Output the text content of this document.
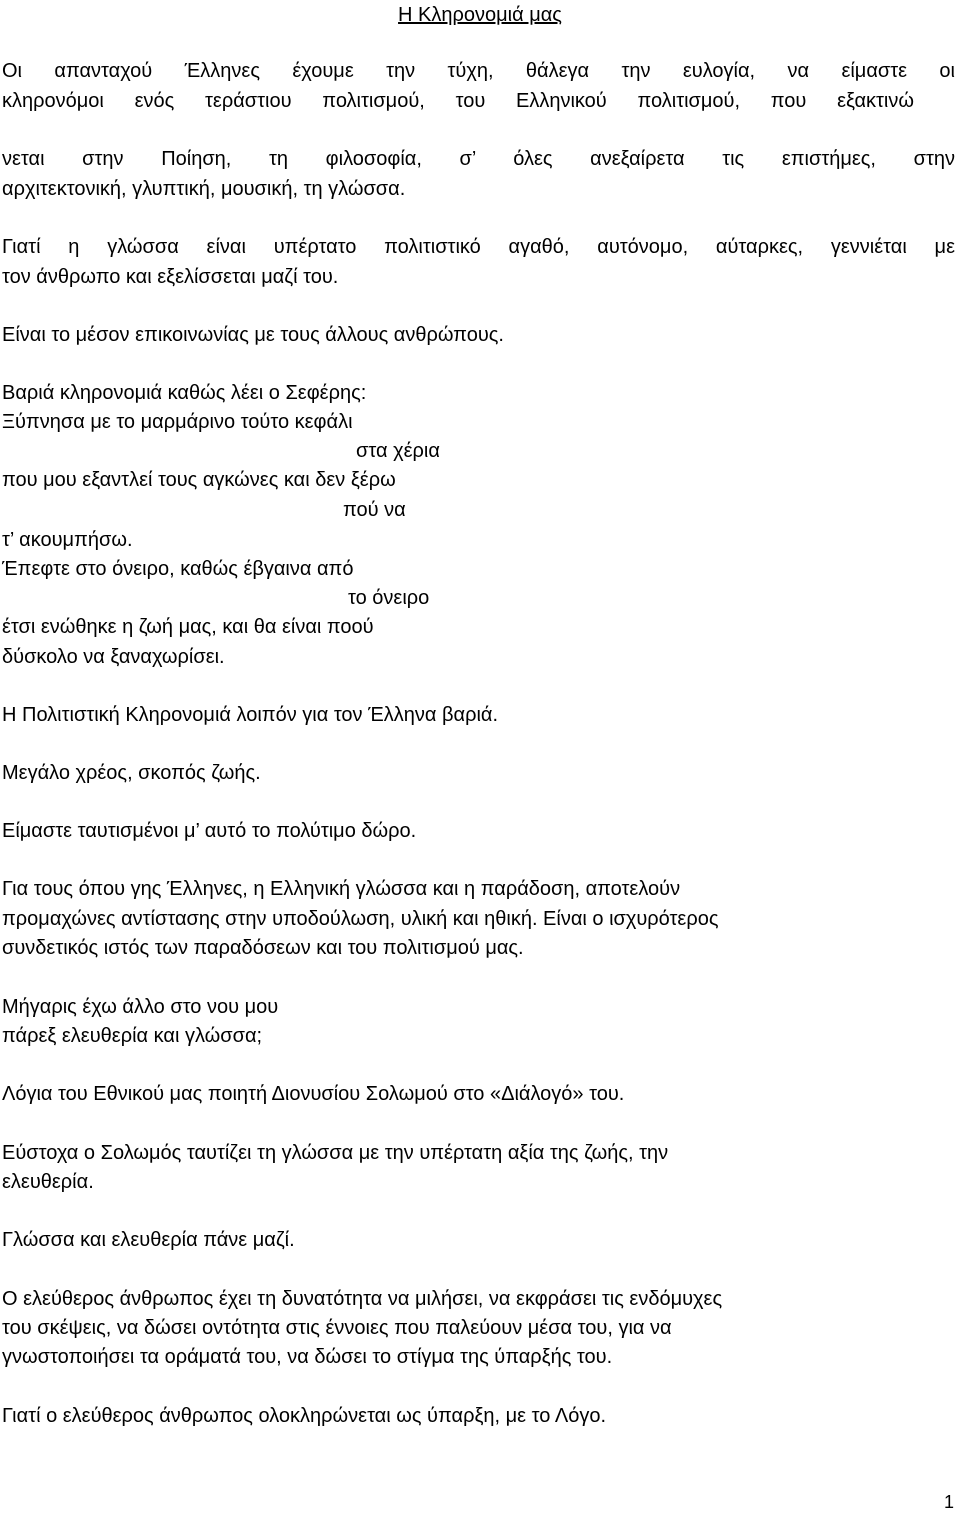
Η Κληρονομιά μας
Οι απανταχού Έλληνες έχουμε την τύχη, θάλεγα την ευλογία, να είμαστε οι
κληρονόμοι ενός τεράστιου πολιτισμού, του Ελληνικού πολιτισμού, που εξακτινώ
νεται στην Ποίηση, τη φιλοσοφία, σ’ όλες ανεξαίρετα τις επιστήμες, στην
αρχιτεκτονική, γλυπτική, μουσική, τη γλώσσα.
Γιατί η γλώσσα είναι υπέρτατο πολιτιστικό αγαθό, αυτόνομο, αύταρκες, γεννιέται με
τον άνθρωπο και εξελίσσεται μαζί του.
Είναι το μέσον επικοινωνίας με τους άλλους ανθρώπους.
Βαριά κληρονομιά καθώς λέει ο Σεφέρης:
Ξύπνησα με το μαρμάρινο τούτο κεφάλι
στα χέρια
που μου εξαντλεί τους αγκώνες και δεν ξέρω
πού να
τ’ ακουμπήσω.
Έπεφτε στο όνειρο, καθώς έβγαινα από
το όνειρο
έτσι ενώθηκε η ζωή μας, και θα είναι ποού
δύσκολο να ξαναχωρίσει.
Η Πολιτιστική Κληρονομιά λοιπόν για τον Έλληνα βαριά.
Μεγάλο χρέος, σκοπός ζωής.
Είμαστε ταυτισμένοι μ’ αυτό το πολύτιμο δώρο.
Για τους όπου γης Έλληνες, η Ελληνική γλώσσα και η παράδοση, αποτελούν
προμαχώνες αντίστασης στην υποδούλωση, υλική και ηθική. Είναι ο ισχυρότερος
συνδετικός ιστός των παραδόσεων και του πολιτισμού μας.
Μήγαρις έχω άλλο στο νου μου
πάρεξ ελευθερία και γλώσσα;
Λόγια του Εθνικού μας ποιητή Διονυσίου Σολωμού στο «Διάλογό» του.
Εύστοχα ο Σολωμός ταυτίζει τη γλώσσα με την υπέρτατη αξία της ζωής, την
ελευθερία.
Γλώσσα και ελευθερία πάνε μαζί.
Ο ελεύθερος άνθρωπος έχει τη δυνατότητα να μιλήσει, να εκφράσει τις ενδόμυχες
του σκέψεις, να δώσει οντότητα στις έννοιες που παλεύουν μέσα του, για να
γνωστοποιήσει τα οράματά του, να δώσει το στίγμα της ύπαρξής του.
Γιατί ο ελεύθερος άνθρωπος ολοκληρώνεται ως ύπαρξη, με το Λόγο.
1
